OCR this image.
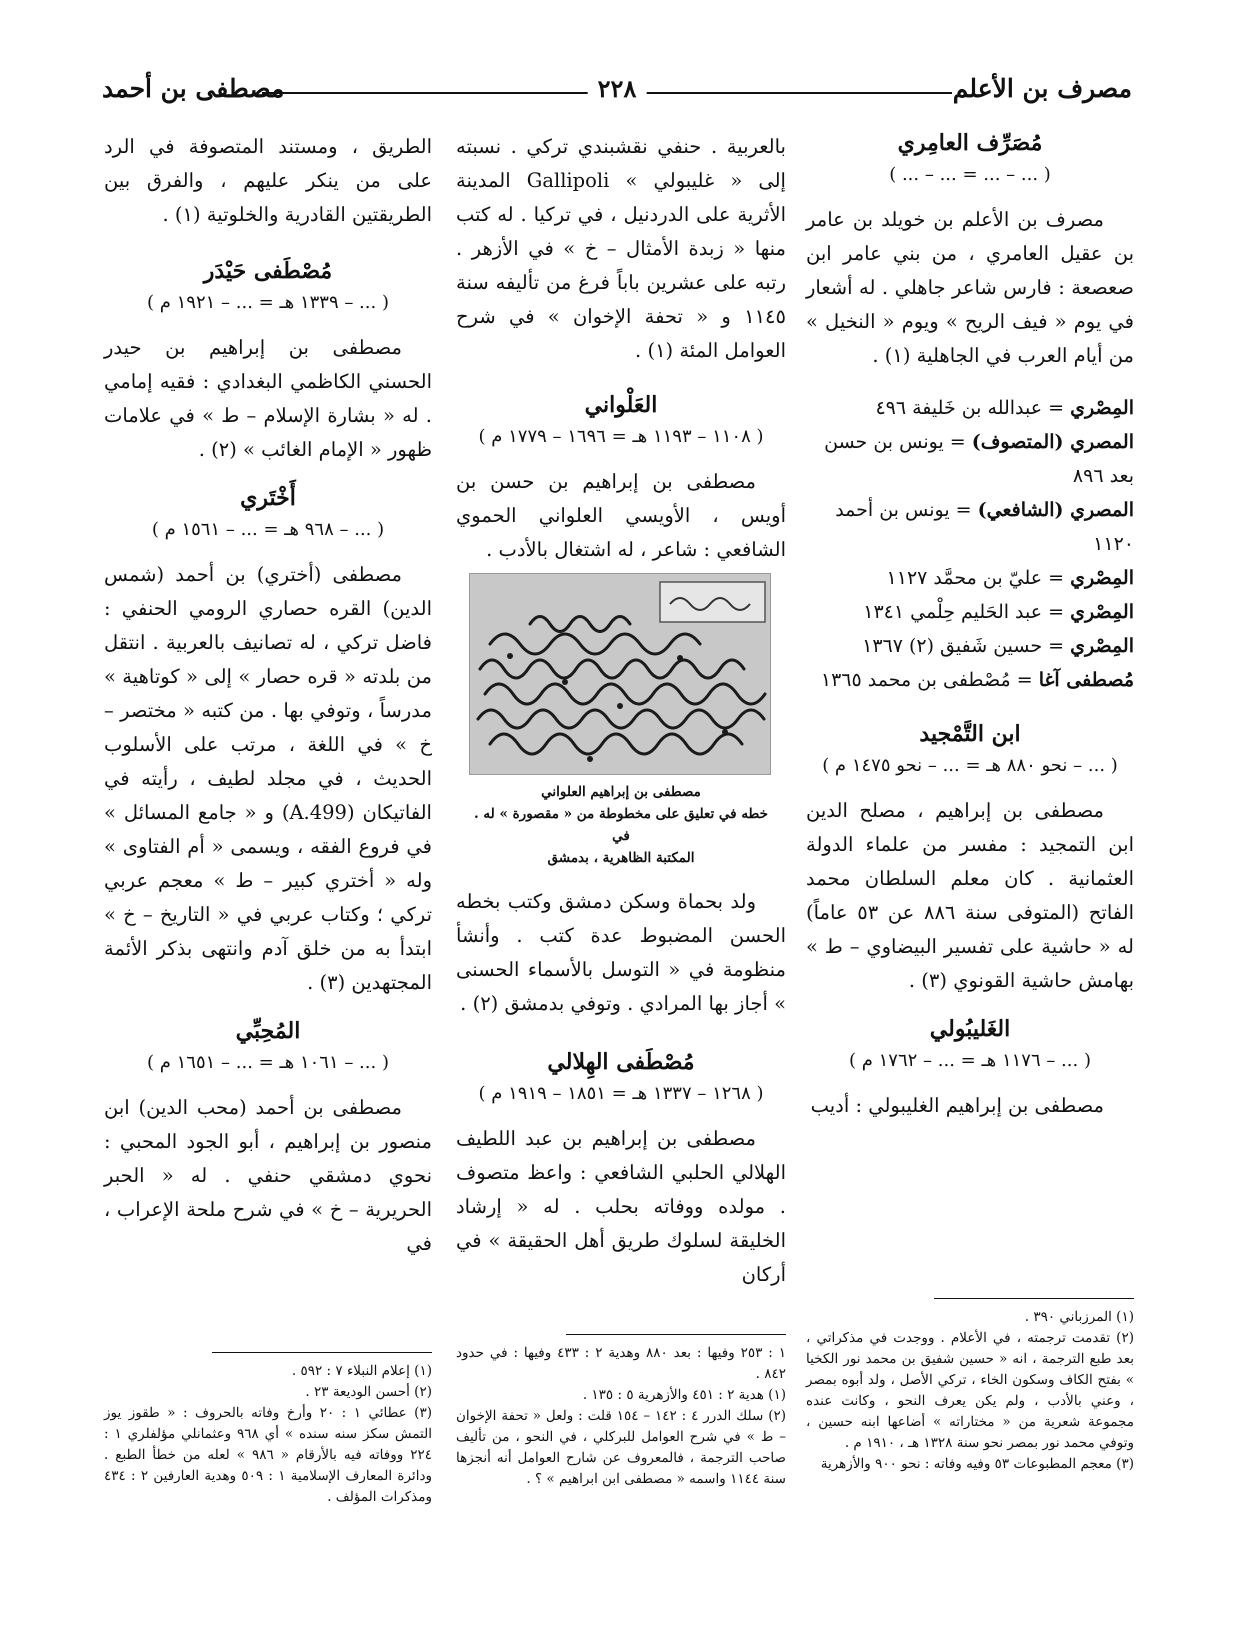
مصرف بن الأعلم
٢٢٨
مصطفى بن أحمد
مُصَرِّف العامِري
( ... – ... = ... – ... )

مصرف بن الأعلم بن خويلد بن عامر بن عقيل العامري ، من بني عامر ابن صعصعة : فارس شاعر جاهلي . له أشعار في يوم « فيف الريح » ويوم « النخيل » من أيام العرب في الجاهلية (١) .

المِصْري = عبدالله بن خَليفة ٤٩٦
المصري (المتصوف) = يونس بن حسن بعد ٨٩٦
المصري (الشافعي) = يونس بن أحمد ١١٢٠
المِصْري = عليّ بن محمَّد ١١٢٧
المِصْري = عبد الحَليم حِلْمي ١٣٤١
المِصْري = حسين شَفيق (٢) ١٣٦٧
مُصطفى آغا = مُصْطفى بن محمد ١٣٦٥
ابن التَّمْجيد
( ... – نحو ٨٨٠ هـ = ... – نحو ١٤٧٥ م )

مصطفى بن إبراهيم ، مصلح الدين ابن التمجيد : مفسر من علماء الدولة العثمانية . كان معلم السلطان محمد الفاتح (المتوفى سنة ٨٨٦ عن ٥٣ عاماً) له « حاشية على تفسير البيضاوي – ط » بهامش حاشية القونوي (٣) .

الغَليبُولي
( ... – ١١٧٦ هـ = ... – ١٧٦٢ م )

مصطفى بن إبراهيم الغليبولي : أديب

بالعربية . حنفي نقشبندي تركي . نسبته إلى « غليبولي » Gallipoli المدينة الأثرية على الدردنيل ، في تركيا . له كتب منها « زبدة الأمثال – خ » في الأزهر . رتبه على عشرين باباً فرغ من تأليفه سنة ١١٤٥ و « تحفة الإخوان » في شرح العوامل المئة (١) .

العَلْواني
( ١١٠٨ – ١١٩٣ هـ = ١٦٩٦ – ١٧٧٩ م )

مصطفى بن إبراهيم بن حسن بن أويس ، الأويسي العلواني الحموي الشافعي : شاعر ، له اشتغال بالأدب .

مصطفى بن إبراهيم العلواني
خطه في تعليق على مخطوطة من « مقصورة » له . في
المكتبة الظاهرية ، بدمشق

ولد بحماة وسكن دمشق وكتب بخطه الحسن المضبوط عدة كتب . وأنشأ منظومة في « التوسل بالأسماء الحسنى » أجاز بها المرادي . وتوفي بدمشق (٢) .

مُصْطَفى الهِلالي
( ١٢٦٨ – ١٣٣٧ هـ = ١٨٥١ – ١٩١٩ م )

مصطفى بن إبراهيم بن عبد اللطيف الهلالي الحلبي الشافعي : واعظ متصوف . مولده ووفاته بحلب . له « إرشاد الخليقة لسلوك طريق أهل الحقيقة » في أركان

الطريق ، ومستند المتصوفة في الرد على من ينكر عليهم ، والفرق بين الطريقتين القادرية والخلوتية (١) .

مُصْطَفى حَيْدَر
( ... – ١٣٣٩ هـ = ... – ١٩٢١ م )

مصطفى بن إبراهيم بن حيدر الحسني الكاظمي البغدادي : فقيه إمامي . له « بشارة الإسلام – ط » في علامات ظهور « الإمام الغائب » (٢) .

أَخْتَري
( ... – ٩٦٨ هـ = ... – ١٥٦١ م )

مصطفى (أختري) بن أحمد (شمس الدين) القره حصاري الرومي الحنفي : فاضل تركي ، له تصانيف بالعربية . انتقل من بلدته « قره حصار » إلى « كوتاهية » مدرساً ، وتوفي بها . من كتبه « مختصر – خ » في اللغة ، مرتب على الأسلوب الحديث ، في مجلد لطيف ، رأيته في الفاتيكان (A.499) و « جامع المسائل » في فروع الفقه ، ويسمى « أم الفتاوى » وله « أختري كبير – ط » معجم عربي تركي ؛ وكتاب عربي في « التاريخ – خ » ابتدأ به من خلق آدم وانتهى بذكر الأئمة المجتهدين (٣) .

المُحِبِّي
( ... – ١٠٦١ هـ = ... – ١٦٥١ م )

مصطفى بن أحمد (محب الدين) ابن منصور بن إبراهيم ، أبو الجود المحبي : نحوي دمشقي حنفي . له « الحبر الحريرية – خ » في شرح ملحة الإعراب ، في

(١) المرزباني ٣٩٠ .
(٢) تقدمت ترجمته ، في الأعلام . ووجدت في مذكراتي ، بعد طبع الترجمة ، انه « حسين شفيق بن محمد نور الكخيا » بفتح الكاف وسكون الخاء ، تركي الأصل ، ولد أبوه بمصر ، وعني بالأدب ، ولم يكن يعرف النحو ، وكانت عنده مجموعة شعرية من « مختاراته » أضاعها ابنه حسين ، وتوفي محمد نور بمصر نحو سنة ١٣٢٨ هـ ، ١٩١٠ م .
(٣) معجم المطبوعات ٥٣ وفيه وفاته : نحو ٩٠٠ والأزهرية
١ : ٢٥٣ وفيها : بعد ٨٨٠ وهدية ٢ : ٤٣٣ وفيها : في حدود ٨٤٢ .
(١) هدية ٢ : ٤٥١ والأزهرية ٥ : ١٣٥ .
(٢) سلك الدرر ٤ : ١٤٢ – ١٥٤ قلت : ولعل « تحفة الإخوان – ط » في شرح العوامل للبركلي ، في النحو ، من تأليف صاحب الترجمة ، فالمعروف عن شارح العوامل أنه أنجزها سنة ١١٤٤ واسمه « مصطفى ابن ابراهيم » ؟ .
(١) إعلام النبلاء ٧ : ٥٩٢ .
(٢) أحسن الوديعة ٢٣ .
(٣) عطائي ١ : ٢٠ وأرخ وفاته بالحروف : « طقوز يوز التمش سكز سنه سنده » أي ٩٦٨ وعثمانلي مؤلفلري ١ : ٢٢٤ ووفاته فيه بالأرقام « ٩٨٦ » لعله من خطأ الطبع . ودائرة المعارف الإسلامية ١ : ٥٠٩ وهدية العارفين ٢ : ٤٣٤ ومذكرات المؤلف .
